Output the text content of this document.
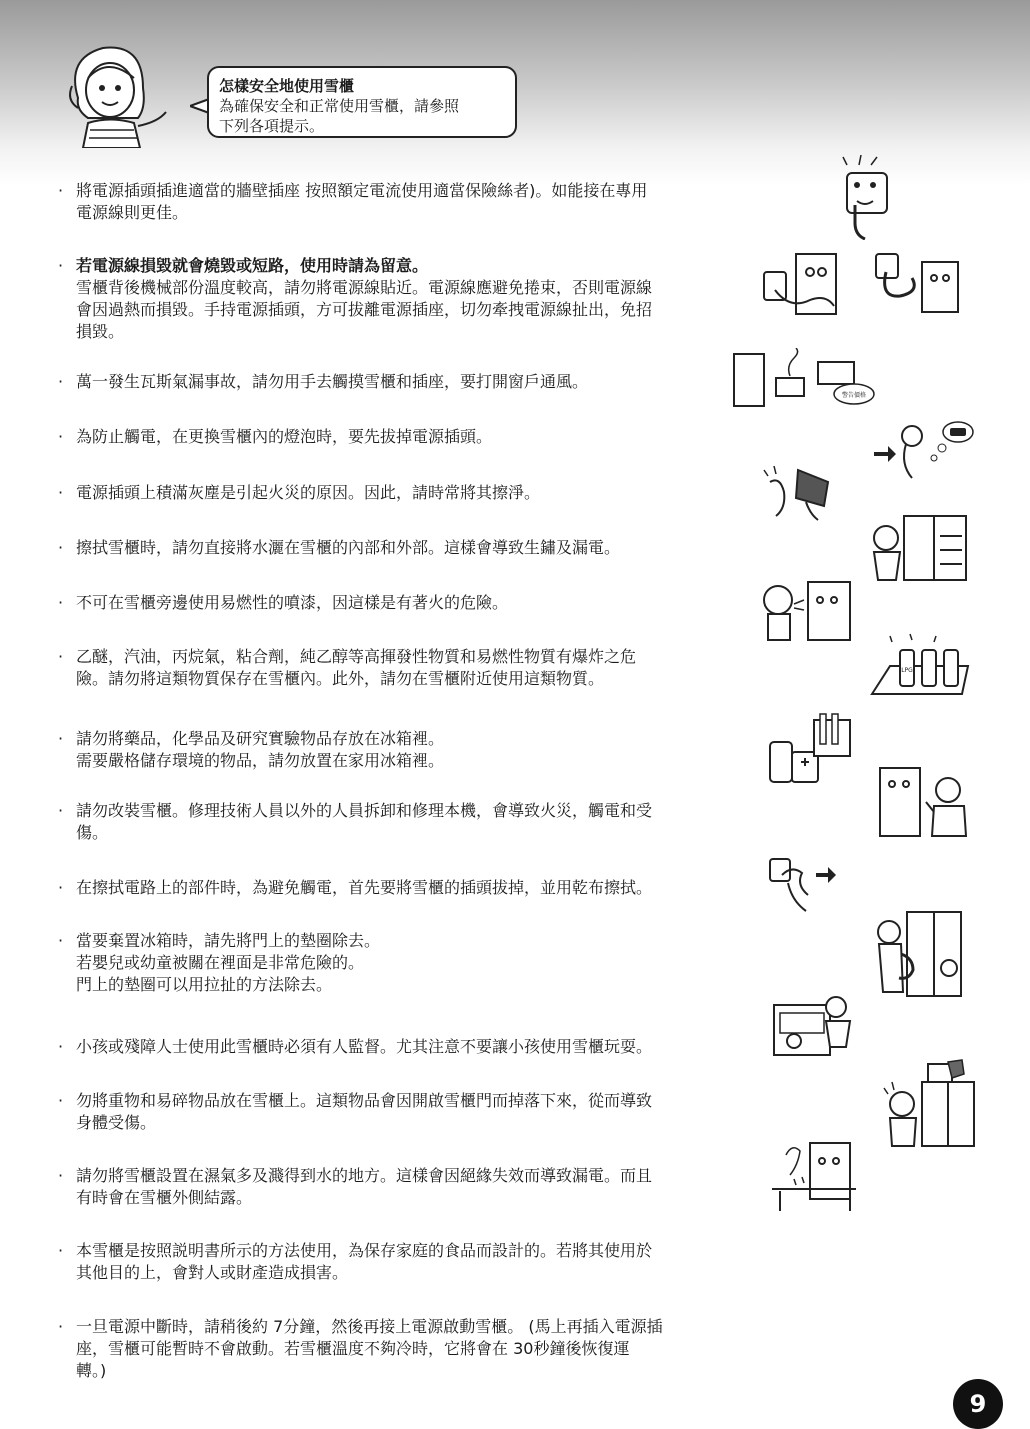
怎樣安全地使用雪櫃
為確保安全和正常使用雪櫃，請參照
下列各項提示。
· 將電源插頭插進適當的牆壁插座 按照額定電流使用適當保險絲者)。如能接在專用
電源線則更佳。
· 若電源線損毀就會燒毀或短路，使用時請為留意。
雪櫃背後機械部份溫度較高，請勿將電源線貼近。電源線應避免捲束，否則電源線
會因過熱而損毀。手持電源插頭，方可拔離電源插座，切勿牽拽電源線扯出，免招
損毀。
· 萬一發生瓦斯氣漏事故，請勿用手去觸摸雪櫃和插座，要打開窗戶通風。
· 為防止觸電，在更換雪櫃內的燈泡時，要先拔掉電源插頭。
· 電源插頭上積滿灰塵是引起火災的原因。因此，請時常將其擦淨。
· 擦拭雪櫃時，請勿直接將水灑在雪櫃的內部和外部。這樣會導致生鏽及漏電。
· 不可在雪櫃旁邊使用易燃性的噴漆，因這樣是有著火的危險。
· 乙醚，汽油，丙烷氣，粘合劑，純乙醇等高揮發性物質和易燃性物質有爆炸之危
險。請勿將這類物質保存在雪櫃內。此外，請勿在雪櫃附近使用這類物質。
· 請勿將藥品，化學品及研究實驗物品存放在冰箱裡。
需要嚴格儲存環境的物品，請勿放置在家用冰箱裡。
· 請勿改裝雪櫃。修理技術人員以外的人員拆卸和修理本機，會導致火災，觸電和受
傷。
· 在擦拭電路上的部件時，為避免觸電，首先要將雪櫃的插頭拔掉，並用乾布擦拭。
· 當要棄置冰箱時，請先將門上的墊圈除去。
若嬰兒或幼童被關在裡面是非常危險的。
門上的墊圈可以用拉扯的方法除去。
· 小孩或殘障人士使用此雪櫃時必須有人監督。尤其注意不要讓小孩使用雪櫃玩耍。
· 勿將重物和易碎物品放在雪櫃上。這類物品會因開啟雪櫃門而掉落下來，從而導致
身體受傷。
· 請勿將雪櫃設置在濕氣多及濺得到水的地方。這樣會因絕緣失效而導致漏電。而且
有時會在雪櫃外側結露。
· 本雪櫃是按照説明書所示的方法使用，為保存家庭的食品而設計的。若將其使用於
其他目的上，會對人或財產造成損害。
· 一旦電源中斷時，請稍後約 7分鐘，然後再接上電源啟動雪櫃。 (馬上再插入電源插
座，雪櫃可能暫時不會啟動。若雪櫃溫度不夠冷時，它將會在 30秒鐘後恢復運
轉。)
警告價格
LPG
9
